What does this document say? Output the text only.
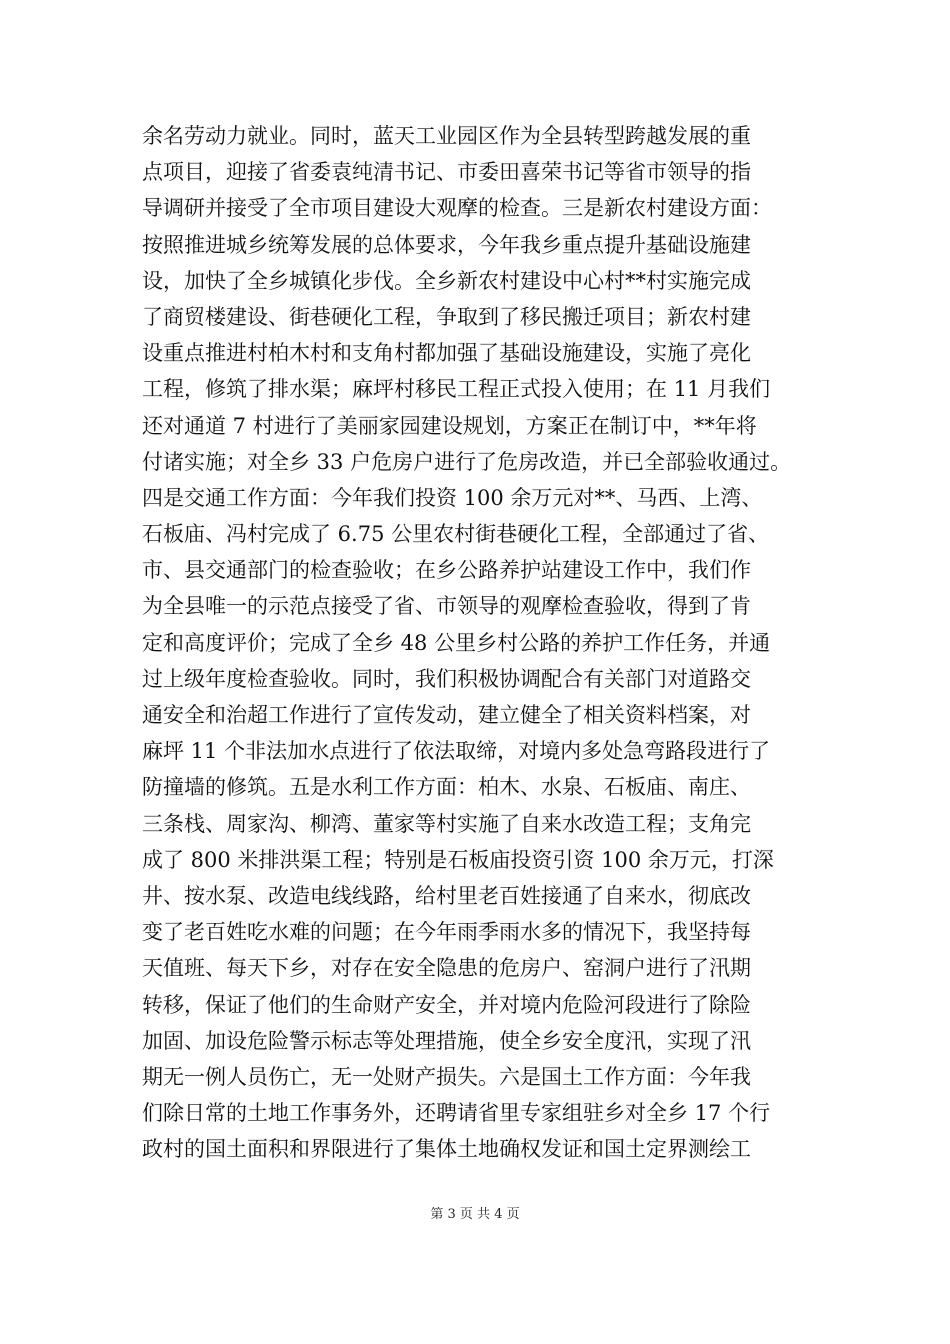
余名劳动力就业。同时，蓝天工业园区作为全县转型跨越发展的重
点项目，迎接了省委袁纯清书记、市委田喜荣书记等省市领导的指
导调研并接受了全市项目建设大观摩的检查。三是新农村建设方面：
按照推进城乡统筹发展的总体要求，今年我乡重点提升基础设施建
设，加快了全乡城镇化步伐。全乡新农村建设中心村**村实施完成
了商贸楼建设、街巷硬化工程，争取到了移民搬迁项目；新农村建
设重点推进村柏木村和支角村都加强了基础设施建设，实施了亮化
工程，修筑了排水渠；麻坪村移民工程正式投入使用；在 11 月我们
还对通道 7 村进行了美丽家园建设规划，方案正在制订中，**年将
付诸实施；对全乡 33 户危房户进行了危房改造，并已全部验收通过。
四是交通工作方面：今年我们投资 100 余万元对**、马西、上湾、
石板庙、冯村完成了 6.75 公里农村街巷硬化工程，全部通过了省、
市、县交通部门的检查验收；在乡公路养护站建设工作中，我们作
为全县唯一的示范点接受了省、市领导的观摩检查验收，得到了肯
定和高度评价；完成了全乡 48 公里乡村公路的养护工作任务，并通
过上级年度检查验收。同时，我们积极协调配合有关部门对道路交
通安全和治超工作进行了宣传发动，建立健全了相关资料档案，对
麻坪 11 个非法加水点进行了依法取缔，对境内多处急弯路段进行了
防撞墙的修筑。五是水利工作方面：柏木、水泉、石板庙、南庄、
三条栈、周家沟、柳湾、董家等村实施了自来水改造工程；支角完
成了 800 米排洪渠工程；特别是石板庙投资引资 100 余万元，打深
井、按水泵、改造电线线路，给村里老百姓接通了自来水，彻底改
变了老百姓吃水难的问题；在今年雨季雨水多的情况下，我坚持每
天值班、每天下乡，对存在安全隐患的危房户、窑洞户进行了汛期
转移，保证了他们的生命财产安全，并对境内危险河段进行了除险
加固、加设危险警示标志等处理措施，使全乡安全度汛，实现了汛
期无一例人员伤亡，无一处财产损失。六是国土工作方面：今年我
们除日常的土地工作事务外，还聘请省里专家组驻乡对全乡 17 个行
政村的国土面积和界限进行了集体土地确权发证和国土定界测绘工
第 3 页 共 4 页
